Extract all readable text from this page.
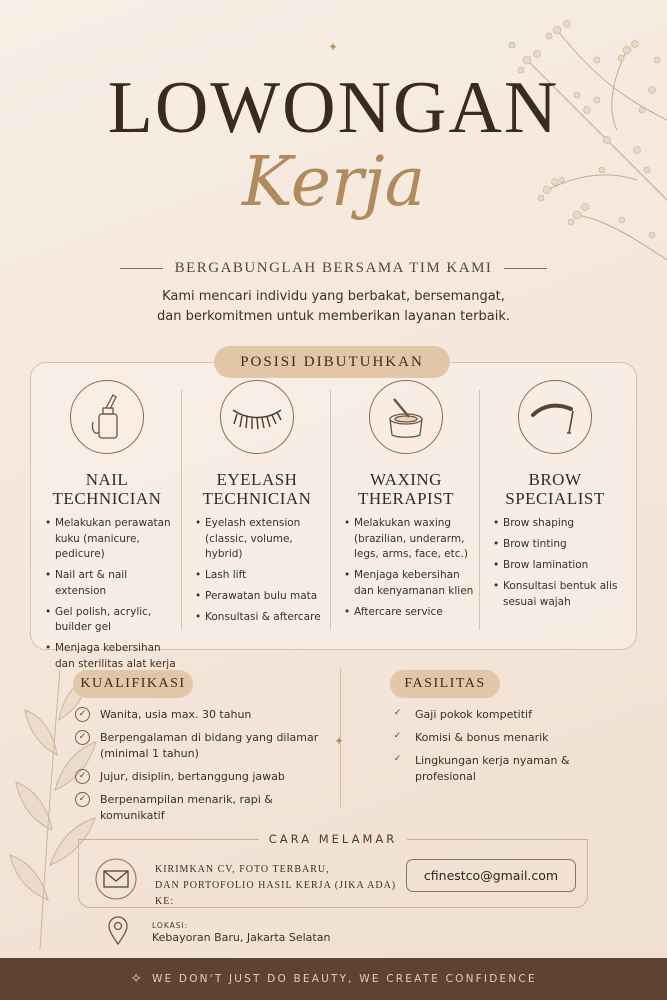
✦
LOWONGAN
Kerja
BERGABUNGLAH BERSAMA TIM KAMI
Kami mencari individu yang berbakat, bersemangat,
dan berkomitmen untuk memberikan layanan terbaik.
POSISI DIBUTUHKAN
NAIL
TECHNICIAN
• Melakukan perawatan kuku (manicure, pedicure)
• Nail art & nail extension
• Gel polish, acrylic, builder gel
• Menjaga kebersihan dan sterilitas alat kerja
EYELASH
TECHNICIAN
• Eyelash extension (classic, volume, hybrid)
• Lash lift
• Perawatan bulu mata
• Konsultasi & aftercare
WAXING
THERAPIST
• Melakukan waxing (brazilian, underarm, legs, arms, face, etc.)
• Menjaga kebersihan dan kenyamanan klien
• Aftercare service
BROW
SPECIALIST
• Brow shaping
• Brow tinting
• Brow lamination
• Konsultasi bentuk alis sesuai wajah
KUALIFIKASI
✓	Wanita, usia max. 30 tahun
✓	Berpengalaman di bidang yang dilamar (minimal 1 tahun)
✓	Jujur, disiplin, bertanggung jawab
✓	Berpenampilan menarik, rapi & komunikatif
✦
FASILITAS
✓	Gaji pokok kompetitif
✓	Komisi & bonus menarik
✓	Lingkungan kerja nyaman & profesional
CARA MELAMAR
KIRIMKAN CV, FOTO TERBARU,
DAN PORTOFOLIO HASIL KERJA (JIKA ADA) KE:
cfinestco@gmail.com
LOKASI:
Kebayoran Baru, Jakarta Selatan
✧ WE DON'T JUST DO BEAUTY, WE CREATE CONFIDENCE
